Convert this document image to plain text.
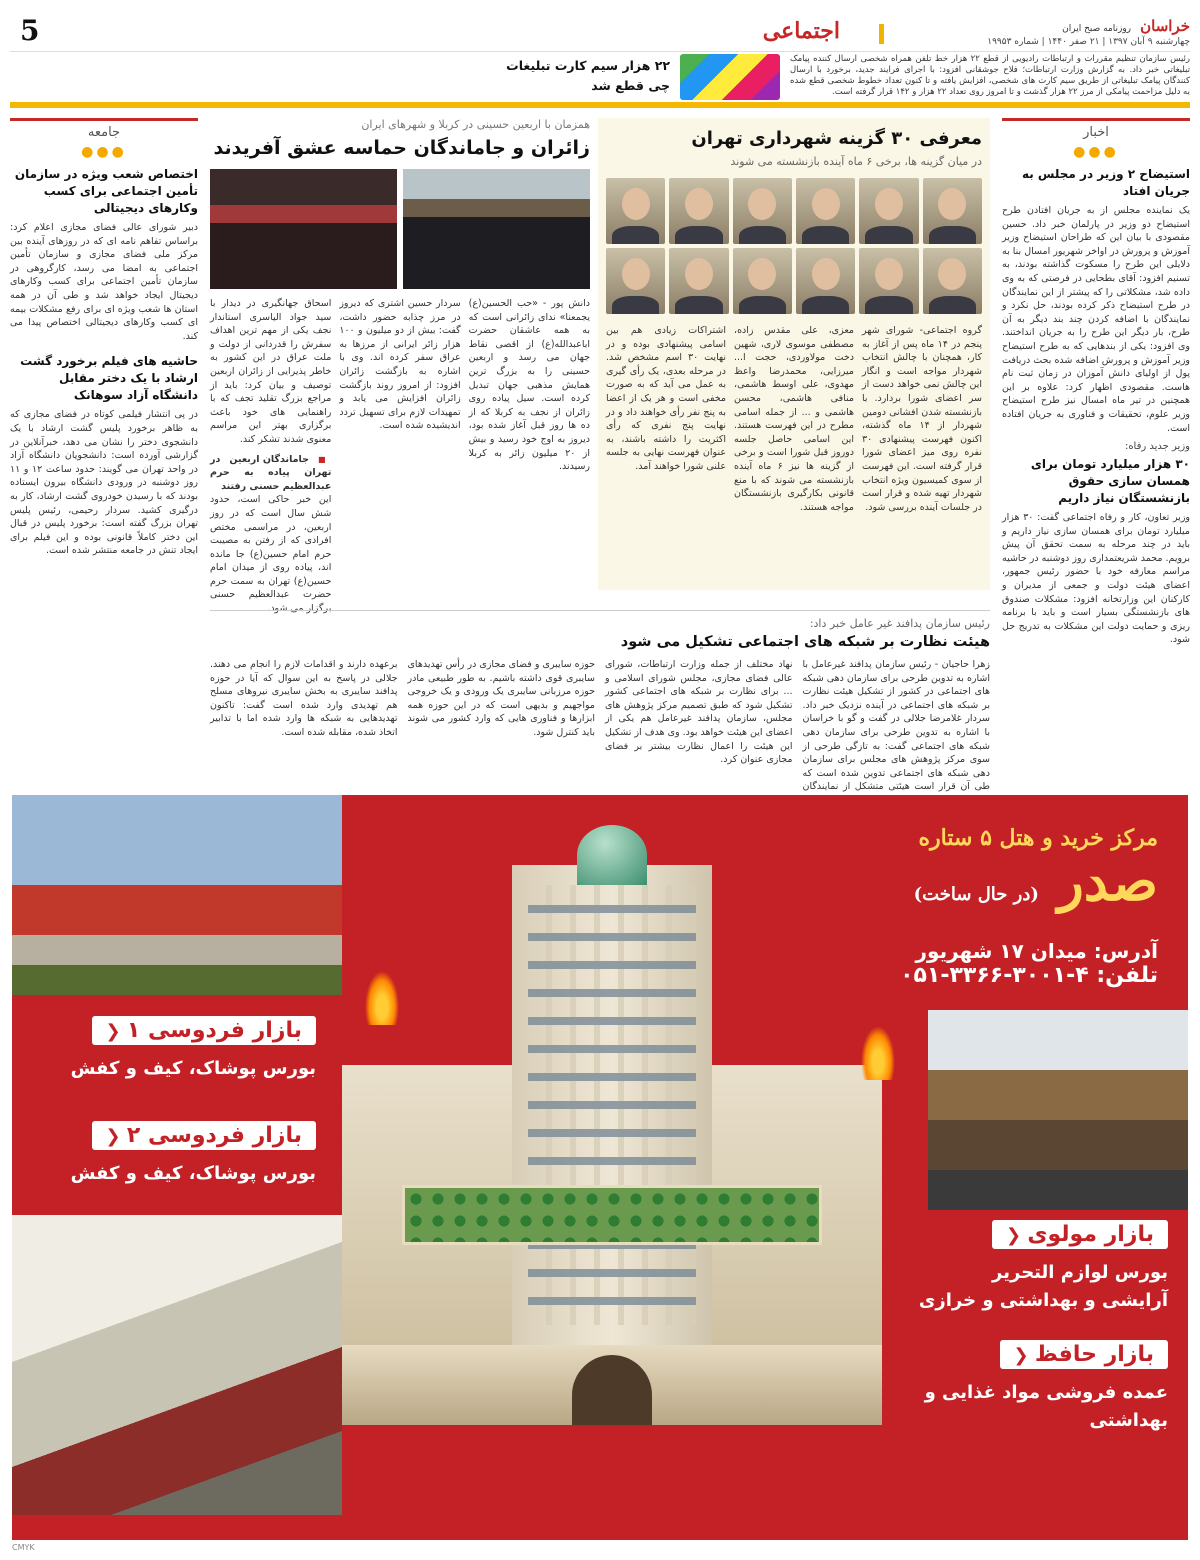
خراسان روزنامه صبح ایران
چهارشنبه ۹ آبان ۱۳۹۷ | ۲۱ صفر ۱۴۴۰ | شماره ۱۹۹۵۳
اجتماعی
5

رئیس سازمان تنظیم مقررات و ارتباطات رادیویی از قطع ۲۲ هزار خط تلفن همراه شخصی ارسال کننده پیامک تبلیغاتی خبر داد. به گزارش وزارت ارتباطات؛ فلاح جوشقانی افزود: با اجرای فرایند جدید، برخورد با ارسال کنندگان پیامک تبلیغاتی از طریق سیم کارت های شخصی، افزایش یافته و تا کنون تعداد خطوط شخصی قطع شده به دلیل مزاحمت پیامکی از مرز ۲۲ هزار گذشت و تا امروز روی تعداد ۲۲ هزار و ۱۴۲ قرار گرفته است.

۲۲ هزار سیم کارت تبلیغات چی قطع شد
اخبار
●●●
استیضاح ۲ وزیر در مجلس به جریان افتاد

یک نماینده مجلس از به جریان افتادن طرح استیضاح دو وزیر در پارلمان خبر داد. حسین مقصودی با بیان این که طراحان استیضاح وزیر آموزش و پرورش در اواخر شهریور امسال بنا به دلایلی این طرح را مسکوت گذاشته بودند، به تسنیم افزود: آقای بطحایی در فرصتی که به وی داده شد، مشکلاتی را که پیشتر از این نمایندگان در طرح استیضاح ذکر کرده بودند، حل نکرد و نمایندگان با اضافه کردن چند بند دیگر به آن طرح، بار دیگر این طرح را به جریان انداختند. وی افزود: یکی از بندهایی که به طرح استیضاح وزیر آموزش و پرورش اضافه شده بحث دریافت پول از اولیای دانش آموزان در زمان ثبت نام هاست. مقصودی اظهار کرد: علاوه بر این همچنین در تیر ماه امسال نیز طرح استیضاح وزیر علوم، تحقیقات و فناوری به جریان افتاده است.

وزیر جدید رفاه:
۳۰ هزار میلیارد تومان برای همسان سازی حقوق بازنشستگان نیاز داریم

وزیر تعاون، کار و رفاه اجتماعی گفت: ۳۰ هزار میلیارد تومان برای همسان سازی نیاز داریم و باید در چند مرحله به سمت تحقق آن پیش برویم. محمد شریعتمداری روز دوشنبه در حاشیه مراسم معارفه خود با حضور رئیس جمهور، اعضای هیئت دولت و جمعی از مدیران و کارکنان این وزارتخانه افزود: مشکلات صندوق های بازنشستگی بسیار است و باید با برنامه ریزی و حمایت دولت این مشکلات به تدریج حل شود.

معرفی ۳۰ گزینه شهرداری تهران
در میان گزینه ها، برخی ۶ ماه آینده بازنشسته می شوند

گروه اجتماعی- شورای شهر پنجم در ۱۴ ماه پس از آغاز به کار، همچنان با چالش انتخاب شهردار مواجه است و انگار این چالش نمی خواهد دست از سر اعضای شورا بردارد. با بازنشسته شدن افشانی دومین شهردار از ۱۴ ماه گذشته، اکنون فهرست پیشنهادی ۳۰ نفره روی میز اعضای شورا قرار گرفته است. این فهرست از سوی کمیسیون ویژه انتخاب شهردار تهیه شده و قرار است در جلسات آینده بررسی شود.

معزی، علی مقدس زاده، مصطفی موسوی لاری، شهین دخت مولاوردی، حجت ا... میرزایی، محمدرضا واعظ مهدوی، علی اوسط هاشمی، منافی هاشمی، محسن هاشمی و ... از جمله اسامی مطرح در این فهرست هستند. این اسامی حاصل جلسه دوروز قبل شورا است و برخی از گزینه ها نیز ۶ ماه آینده بازنشسته می شوند که با منع قانونی بکارگیری بازنشستگان مواجه هستند.

اشتراکات زیادی هم بین اسامی پیشنهادی بوده و در نهایت ۳۰ اسم مشخص شد. در مرحله بعدی، یک رأی گیری به عمل می آید که به صورت مخفی است و هر یک از اعضا به پنج نفر رأی خواهند داد و در نهایت پنج نفری که رأی اکثریت را داشته باشند، به عنوان فهرست نهایی به جلسه علنی شورا خواهند آمد.

همزمان با اربعین حسینی در کربلا و شهرهای ایران
زائران و جاماندگان حماسه عشق آفریدند

دانش پور - «حب الحسین(ع) یجمعنا» ندای زائرانی است که به همه عاشقان حضرت اباعبدالله(ع) از اقصی نقاط جهان می رسد و اربعین حسینی را به بزرگ ترین همایش مذهبی جهان تبدیل کرده است. سیل پیاده روی زائران از نجف به کربلا که از ده ها روز قبل آغاز شده بود، دیروز به اوج خود رسید و بیش از ۲۰ میلیون زائر به کربلا رسیدند.

سردار حسین اشتری که دیروز در مرز چذابه حضور داشت، گفت: بیش از دو میلیون و ۱۰۰ هزار زائر ایرانی از مرزها به عراق سفر کرده اند. وی با اشاره به بازگشت زائران افزود: از امروز روند بازگشت زائران افزایش می یابد و تمهیدات لازم برای تسهیل تردد اندیشیده شده است.

اسحاق جهانگیری در دیدار با سید جواد الیاسری استاندار نجف یکی از مهم ترین اهداف سفرش را قدردانی از دولت و ملت عراق در این کشور به خاطر پذیرایی از زائران اربعین توصیف و بیان کرد: باید از مراجع بزرگ تقلید تجف که با راهنمایی های خود باعث برگزاری بهتر این مراسم معنوی شدند تشکر کند.

■ جاماندگان اربعین در تهران پیاده به حرم عبدالعظیم حسنی رفتند

این خبر حاکی است، حدود شش سال است که در روز اربعین، در مراسمی مختص افرادی که از رفتن به مصیبت حرم امام حسین(ع) جا مانده اند، پیاده روی از میدان امام حسین(ع) تهران به سمت حرم حضرت عبدالعظیم حسنی برگزار می شود.

جامعه
●●●
اختصاص شعب ویژه در سازمان تأمین اجتماعی برای کسب وکارهای دیجیتالی

دبیر شورای عالی فضای مجازی اعلام کرد: براساس تفاهم نامه ای که در روزهای آینده بین مرکز ملی فضای مجازی و سازمان تأمین اجتماعی به امضا می رسد، کارگروهی در سازمان تأمین اجتماعی برای کسب وکارهای دیجیتال ایجاد خواهد شد و طی آن در همه استان ها شعب ویژه ای برای رفع مشکلات بیمه ای کسب وکارهای دیجیتالی اختصاص پیدا می کند.

حاشیه های فیلم برخورد گشت ارشاد با یک دختر مقابل دانشگاه آزاد سوهانک

در پی انتشار فیلمی کوتاه در فضای مجازی که به ظاهر برخورد پلیس گشت ارشاد با یک دانشجوی دختر را نشان می دهد، خبرآنلاین در گزارشی آورده است: دانشجویان دانشگاه آزاد در واحد تهران می گویند: حدود ساعت ۱۲ و ۱۱ روز دوشنبه در ورودی دانشگاه بیرون ایستاده بودند که با رسیدن خودروی گشت ارشاد، کار به درگیری کشید. سردار رحیمی، رئیس پلیس تهران بزرگ گفته است: برخورد پلیس در قبال این دختر کاملاً قانونی بوده و این فیلم برای ایجاد تنش در جامعه منتشر شده است.

رئیس سازمان پدافند غیر عامل خبر داد:
هیئت نظارت بر شبکه های اجتماعی تشکیل می شود

زهرا حاجیان - رئیس سازمان پدافند غیرعامل با اشاره به تدوین طرحی برای سازمان دهی شبکه های اجتماعی در کشور از تشکیل هیئت نظارت بر شبکه های اجتماعی در آینده نزدیک خبر داد. سردار غلامرضا جلالی در گفت و گو با خراسان با اشاره به تدوین طرحی برای سازمان دهی شبکه های اجتماعی گفت: به تازگی طرحی از سوی مرکز پژوهش های مجلس برای سازمان دهی شبکه های اجتماعی تدوین شده است که طی آن قرار است هیئتی متشکل از نمایندگان

نهاد مختلف از جمله وزارت ارتباطات، شورای عالی فضای مجازی، مجلس شورای اسلامی و ... برای نظارت بر شبکه های اجتماعی کشور تشکیل شود که طبق تصمیم مرکز پژوهش های مجلس، سازمان پدافند غیرعامل هم یکی از اعضای این هیئت خواهد بود. وی هدف از تشکیل این هیئت را اعمال نظارت بیشتر بر فضای مجازی عنوان کرد.

حوزه سایبری و فضای مجازی در رأس تهدیدهای سایبری قوی داشته باشیم. به طور طبیعی مادر حوزه مرزبانی سایبری یک ورودی و یک خروجی مواجهیم و بدیهی است که در این حوزه همه ابزارها و فناوری هایی که وارد کشور می شوند باید کنترل شود.

برعهده دارند و اقدامات لازم را انجام می دهند. جلالی در پاسخ به این سوال که آیا در حوزه پدافند سایبری به بخش سایبری نیروهای مسلح هم تهدیدی وارد شده است گفت: تاکنون تهدیدهایی به شبکه ها وارد شده اما با تدابیر اتخاذ شده، مقابله شده است.

مرکز خرید و هتل ۵ ستاره
صدر (در حال ساخت)
آدرس: میدان ۱۷ شهریور
تلفن: ۴-۳۰۰۱-۳۳۶۶-۰۵۱
بازار فردوسی ۱ ❮
بورس پوشاک، کیف و کفش
بازار فردوسی ۲ ❮
بورس پوشاک، کیف و کفش
بازار مولوی ❮
بورس لوازم التحریر
آرایشی و بهداشتی و خرازی
بازار حافظ ❮
عمده فروشی مواد غذایی و بهداشتی
CMYK
